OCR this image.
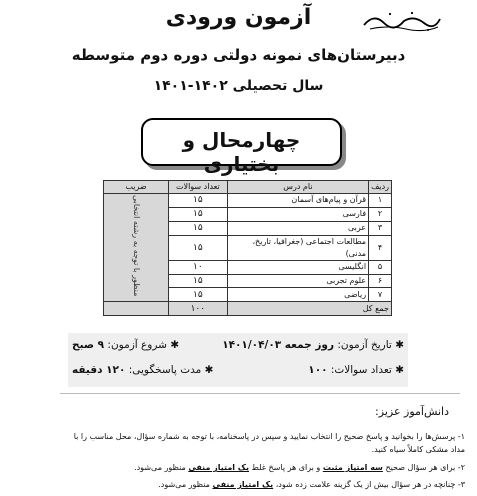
آزمون ورودی
دبیرستان‌های نمونه دولتی دوره دوم متوسطه
سال تحصیلی ۱۴۰۲-۱۴۰۱
چهارمحال و بختیاری
ردیف	نام درس	تعداد سوالات	ضریب
۱	قرآن و پیام‌های آسمان	۱۵	منظور با توجه به رشته انتخابی
۲	فارسی	۱۵	
۳	عربی	۱۵	
۴	مطالعات اجتماعی (جغرافیا، تاریخ، مدنی)	۱۵	
۵	انگلیسی	۱۰	
۶	علوم تجربی	۱۵	
۷	ریاضی	۱۵	
جمع کل		۱۰۰	
✱ تاریخ آزمون: روز جمعه ۱۴۰۱/۰۴/۰۳
✱ شروع آزمون: ۹ صبح
✱ تعداد سوالات: ۱۰۰
✱ مدت پاسخگویی: ۱۲۰ دقیقه
دانش‌آموز عزیز:
۱- پرسش‌ها را بخوانید و پاسخ صحیح را انتخاب نمایید و سپس در پاسخنامه، با توجه به شماره سؤال، محل مناسب را با
مداد مشکی کاملاً سیاه کنید.
۲- برای هر سؤال صحیح سه امتیاز مثبت و برای هر پاسخ غلط یک امتیاز منفی منظور می‌شود.
۳- چنانچه در هر سؤال بیش از یک گزینه علامت زده شود، یک امتیاز منفی منظور می‌شود.
